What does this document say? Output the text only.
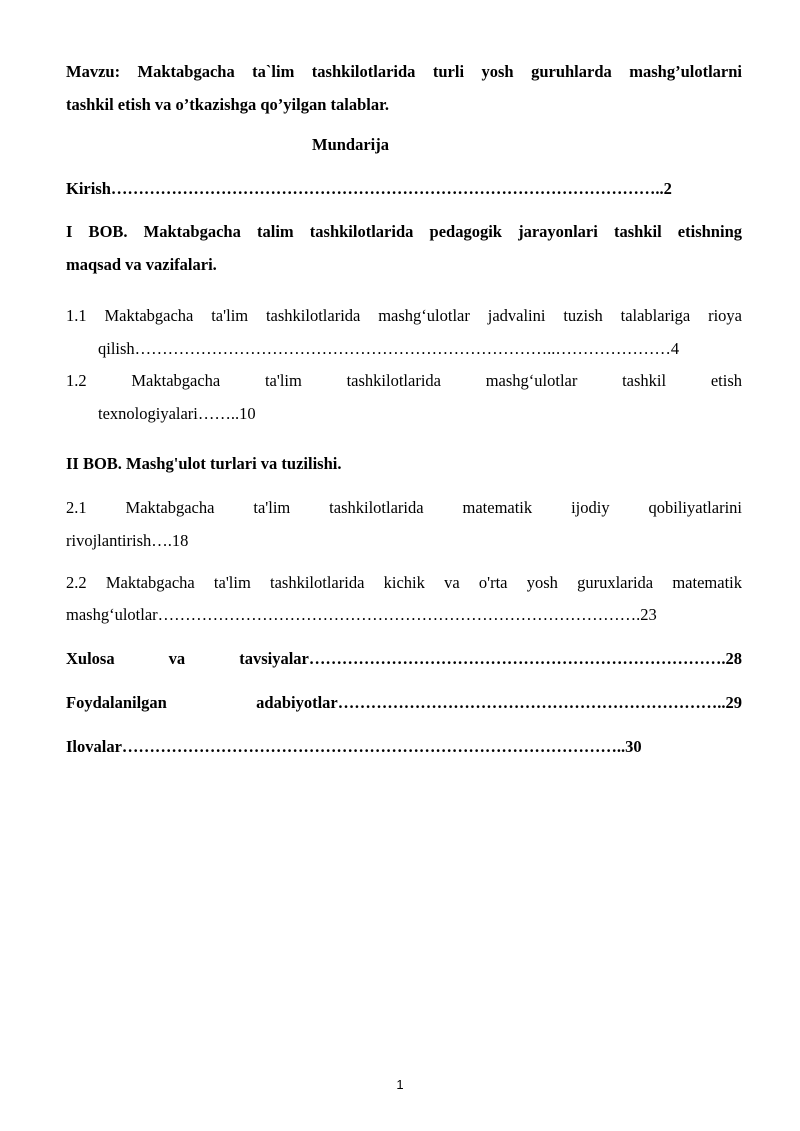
Mavzu: Maktabgacha ta`lim tashkilotlarida turli yosh guruhlarda mashg’ulotlarni

tashkil etish va o’tkazishga qo’yilgan talablar.

Mundarija

Kirish………………………………………………………………………………………..2

I BOB. Maktabgacha talim tashkilotlarida pedagogik jarayonlari tashkil etishning

maqsad va vazifalari.

1.1 Maktabgacha ta'lim tashkilotlarida mashg‘ulotlar jadvalini tuzish talablariga rioya

qilish…………………………………………………………………..…………………4

1.2 Maktabgacha ta'lim tashkilotlarida mashg‘ulotlar tashkil etish

texnologiyalari……..10

II BOB. Mashg'ulot turlari va tuzilishi.

2.1 Maktabgacha ta'lim tashkilotlarida matematik ijodiy qobiliyatlarini

rivojlantirish….18

2.2 Maktabgacha ta'lim tashkilotlarida kichik va o'rta yosh guruxlarida matematik

mashg‘ulotlar…………………………………………………………………………….23

Xulosa va tavsiyalar………………………………………………………………….28

Foydalanilgan adabiyotlar……………………………………………………………..29

Ilovalar………………………………………………………………………………..30

1
